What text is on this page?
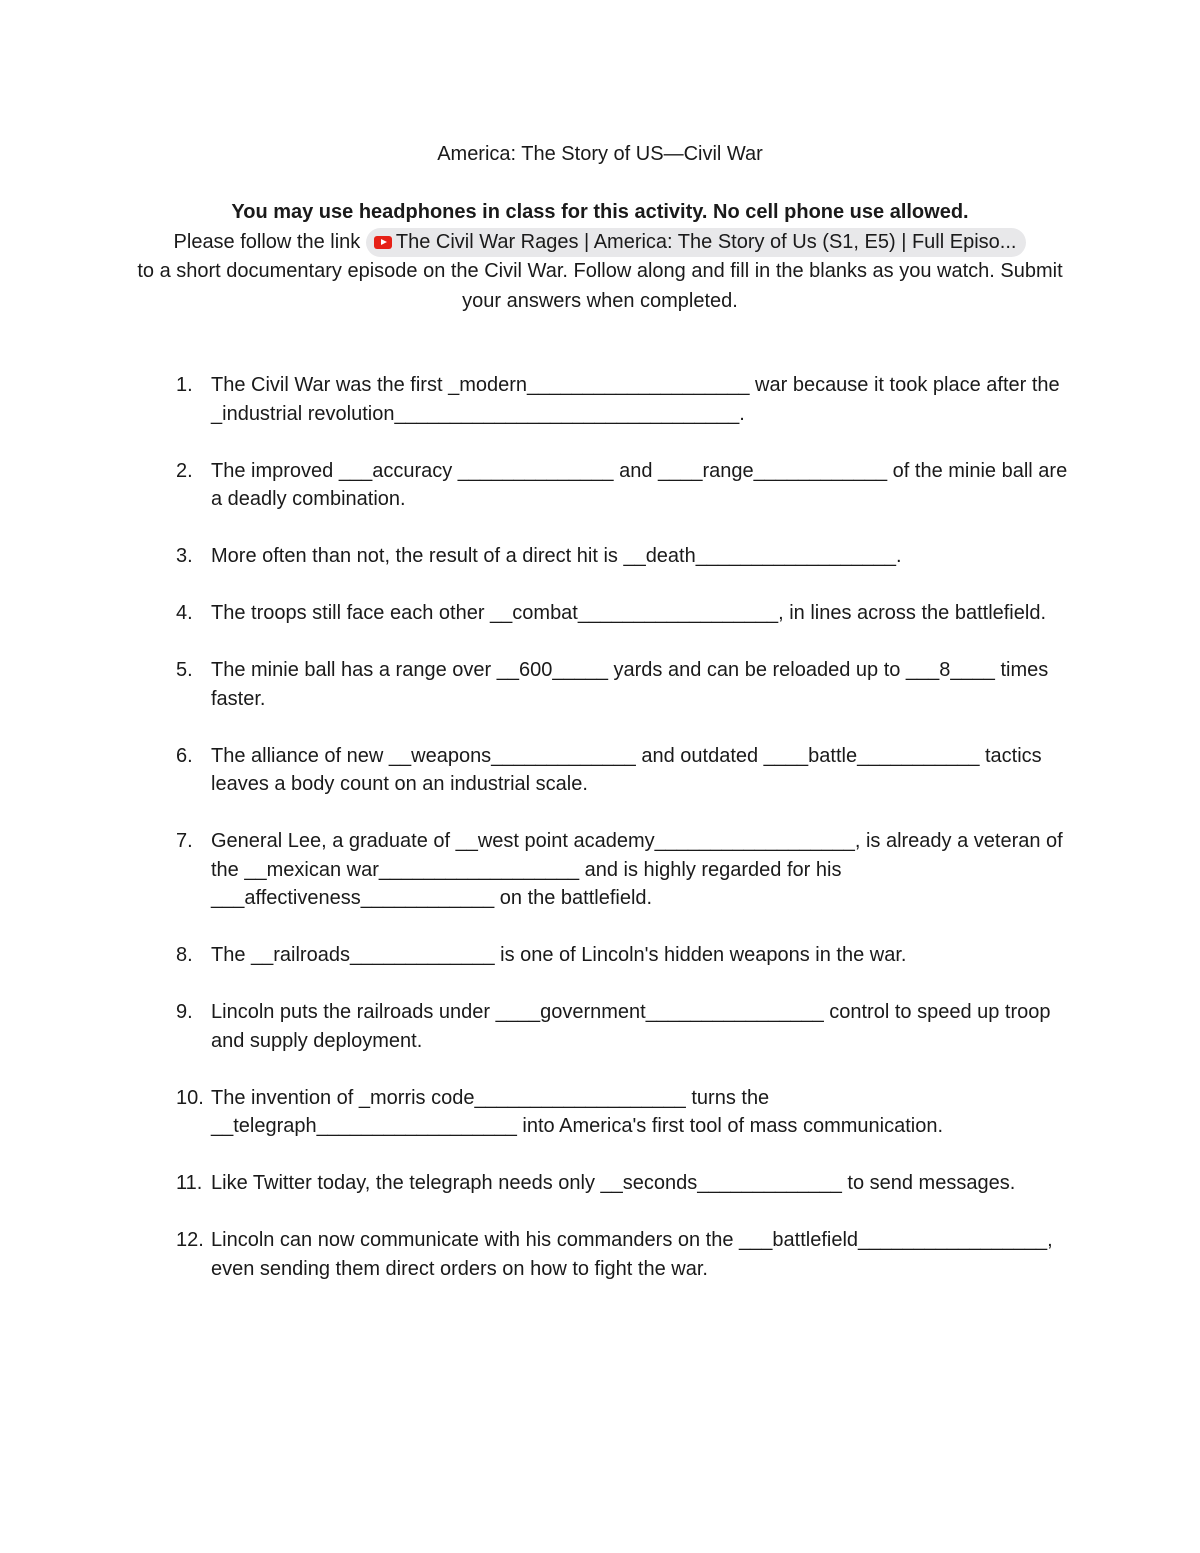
America: The Story of US—Civil War
You may use headphones in class for this activity. No cell phone use allowed.
Please follow the link The Civil War Rages | America: The Story of Us (S1, E5) | Full Episo...
to a short documentary episode on the Civil War. Follow along and fill in the blanks as you watch. Submit your answers when completed.
1. The Civil War was the first _modern____________________ war because it took place after the _industrial revolution_______________________________.
2. The improved ___accuracy ______________ and ____range____________ of the minie ball are a deadly combination.
3. More often than not, the result of a direct hit is __death__________________.
4. The troops still face each other __combat__________________, in lines across the battlefield.
5. The minie ball has a range over __600_____ yards and can be reloaded up to ___8____ times faster.
6. The alliance of new __weapons_____________ and outdated ____battle___________ tactics leaves a body count on an industrial scale.
7. General Lee, a graduate of __west point academy__________________, is already a veteran of the __mexican war__________________ and is highly regarded for his ___affectiveness____________ on the battlefield.
8. The __railroads_____________ is one of Lincoln's hidden weapons in the war.
9. Lincoln puts the railroads under ____government________________ control to speed up troop and supply deployment.
10. The invention of _morris code___________________ turns the __telegraph__________________ into America's first tool of mass communication.
11. Like Twitter today, the telegraph needs only __seconds_____________ to send messages.
12. Lincoln can now communicate with his commanders on the ___battlefield_________________, even sending them direct orders on how to fight the war.
